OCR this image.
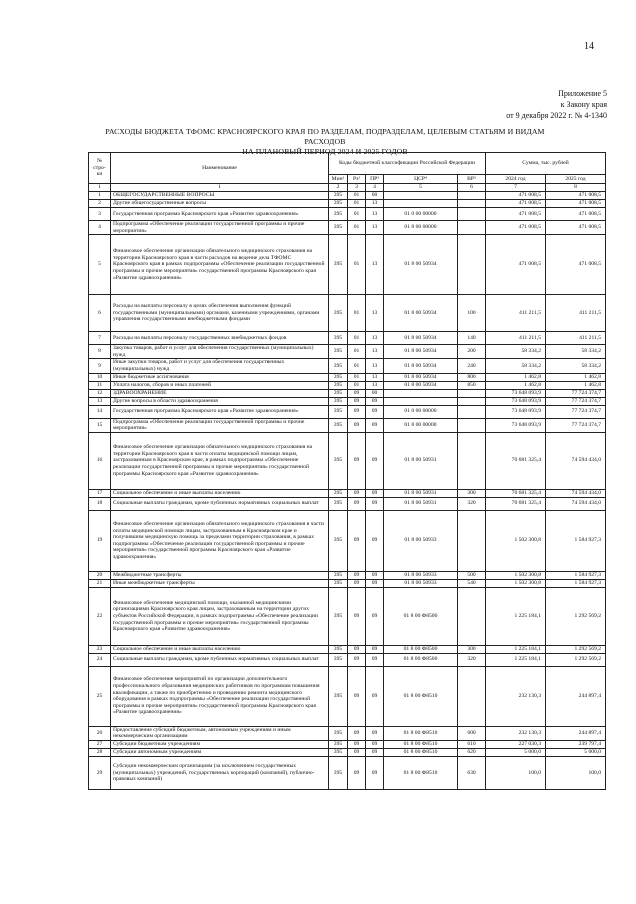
14
Приложение 5
к Закону края
от 9 декабря 2022 г. № 4-1340
РАСХОДЫ БЮДЖЕТА ТФОМС КРАСНОЯРСКОГО КРАЯ ПО РАЗДЕЛАМ, ПОДРАЗДЕЛАМ, ЦЕЛЕВЫМ СТАТЬЯМ И ВИДАМ РАСХОДОВ
НА ПЛАНОВЫЙ ПЕРИОД 2024 И 2025 ГОДОВ
№ стро-ки	Наименование	Коды бюджетной классификации Российской Федерации					Сумма, тыс. рублей	
		Мин¹	Рз²	ПР³	ЦСР⁴	ВР⁵	2024 год	2025 год
1	1	2	3	4	5	6	7	8
1	ОБЩЕГОСУДАРСТВЕННЫЕ ВОПРОСЫ	395	01	00			471 008,5	471 008,5
2	Другие общегосударственные вопросы	395	01	13			471 008,5	471 008,5
3	Государственная программа Красноярского края «Развитие здравоохранения»	395	01	13	01 0 00 00000		471 008,5	471 008,5
4	Подпрограмма «Обеспечение реализации государственной программы и прочие мероприятия»	395	01	13	01 8 00 00000		471 008,5	471 008,5
5	Финансовое обеспечение организации обязательного медицинского страхования на территории Красноярского края в части расходов на ведение дела ТФОМС Красноярского края в рамках подпрограммы «Обеспечение реализации государственной программы и прочие мероприятия» государственной программы Красноярского края «Развитие здравоохранения»	395	01	13	01 8 00 50934		471 008,5	471 008,5
6	Расходы на выплаты персоналу в целях обеспечения выполнения функций государственными (муниципальными) органами, казенными учреждениями, органами управления государственными внебюджетными фондами	395	01	13	01 8 00 50934	100	411 211,5	411 211,5
7	Расходы на выплаты персоналу государственных внебюджетных фондов	395	01	13	01 8 00 50934	140	411 211,5	411 211,5
8	Закупка товаров, работ и услуг для обеспечения государственных (муниципальных) нужд	395	01	13	01 8 00 50934	200	58 334,2	58 334,2
9	Иные закупки товаров, работ и услуг для обеспечения государственных (муниципальных) нужд	395	01	13	01 8 00 50934	240	58 334,2	58 334,2
10	Иные бюджетные ассигнования	395	01	13	01 8 00 50934	800	1 462,8	1 462,8
11	Уплата налогов, сборов и иных платежей	395	01	13	01 8 00 50934	850	1 462,8	1 462,8
12	ЗДРАВООХРАНЕНИЕ	395	09	00			73 648 093,9	77 724 374,7
13	Другие вопросы в области здравоохранения	395	09	09			73 648 093,9	77 724 374,7
14	Государственная программа Красноярского края «Развитие здравоохранения»	395	09	09	01 0 00 00000		73 648 093,9	77 724 374,7
15	Подпрограмма «Обеспечение реализации государственной программы и прочие мероприятия»	395	09	09	01 8 00 00000		73 648 093,9	77 724 374,7
16	Финансовое обеспечение организации обязательного медицинского страхования на территории Красноярского края в части оплаты медицинской помощи лицам, застрахованным в Красноярском крае, в рамках подпрограммы «Обеспечение реализации государственной программы и прочие мероприятия» государственной программы Красноярского края «Развитие здравоохранения»	395	09	09	01 8 00 50931		70 681 325,4	74 594 434,0
17	Социальное обеспечение и иные выплаты населению	395	09	09	01 8 00 50931	300	70 681 325,4	74 594 434,0
18	Социальные выплаты гражданам, кроме публичных нормативных социальных выплат	395	09	09	01 8 00 50931	320	70 681 325,4	74 594 434,0
19	Финансовое обеспечение организации обязательного медицинского страхования в части оплаты медицинской помощи лицам, застрахованным в Красноярском крае и получившим медицинскую помощь за пределами территории страхования, в рамках подпрограммы «Обеспечение реализации государственной программы и прочие мероприятия» государственной программы Красноярского края «Развитие здравоохранения»	395	09	09	01 8 00 50933		1 502 300,8	1 584 927,3
20	Межбюджетные трансферты	395	09	09	01 8 00 50933	500	1 502 300,8	1 584 927,3
21	Иные межбюджетные трансферты	395	09	09	01 8 00 50933	540	1 502 300,8	1 584 927,3
22	Финансовое обеспечение медицинской помощи, оказанной медицинскими организациями Красноярского края лицам, застрахованным на территории других субъектов Российской Федерации, в рамках подпрограммы «Обеспечение реализации государственной программы и прочие мероприятия» государственной программы Красноярского края «Развитие здравоохранения»	395	09	09	01 8 00 Ф8500		1 225 184,1	1 292 569,2
23	Социальное обеспечение и иные выплаты населению	395	09	09	01 8 00 Ф8500	300	1 225 184,1	1 292 569,2
24	Социальные выплаты гражданам, кроме публичных нормативных социальных выплат	395	09	09	01 8 00 Ф8500	320	1 225 184,1	1 292 569,2
25	Финансовое обеспечение мероприятий по организации дополнительного профессионального образования медицинских работников по программам повышения квалификации, а также по приобретению и проведению ремонта медицинского оборудования в рамках подпрограммы «Обеспечение реализации государственной программы и прочие мероприятия» государственной программы Красноярского края «Развитие здравоохранения»	395	09	09	01 8 00 Ф8510		232 130,3	244 897,4
26	Предоставление субсидий бюджетным, автономным учреждениям и иным некоммерческим организациям	395	09	09	01 8 00 Ф8510	600	232 130,3	244 897,4
27	Субсидии бюджетным учреждениям	395	09	09	01 8 00 Ф8510	610	227 030,3	239 797,4
28	Субсидии автономным учреждениям	395	09	09	01 8 00 Ф8510	620	5 000,0	5 000,0
29	Субсидии некоммерческим организациям (за исключением государственных (муниципальных) учреждений, государственных корпораций (компаний), публично-правовых компаний)	395	09	09	01 8 00 Ф8510	630	100,0	100,0
